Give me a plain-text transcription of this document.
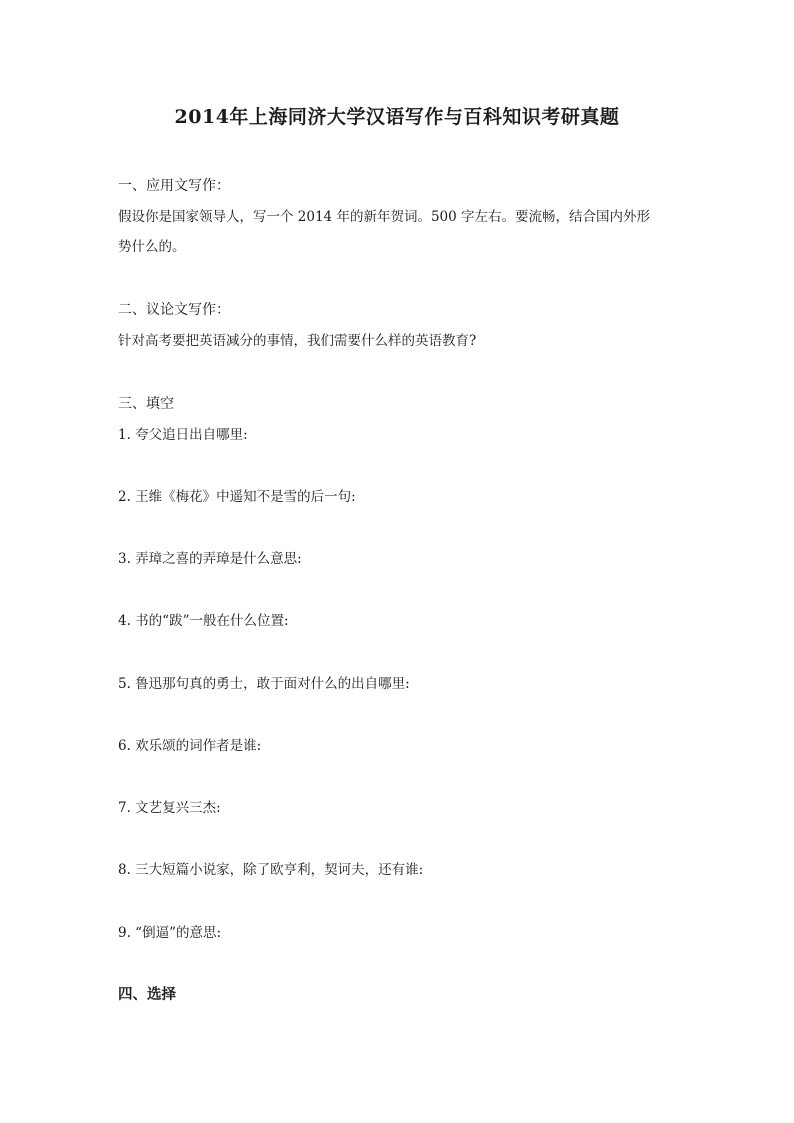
2014年上海同济大学汉语写作与百科知识考研真题
一、应用文写作：
假设你是国家领导人，写一个 2014 年的新年贺词。500 字左右。要流畅，结合国内外形
势什么的。
二、议论文写作：
针对高考要把英语减分的事情，我们需要什么样的英语教育?
三、填空
1. 夸父追日出自哪里:
2. 王维《梅花》中遥知不是雪的后一句:
3. 弄璋之喜的弄璋是什么意思:
4. 书的“跋”一般在什么位置:
5. 鲁迅那句真的勇士，敢于面对什么的出自哪里:
6. 欢乐颂的词作者是谁:
7. 文艺复兴三杰:
8. 三大短篇小说家，除了欧亨利，契诃夫，还有谁:
9. “倒逼”的意思:
四、选择
